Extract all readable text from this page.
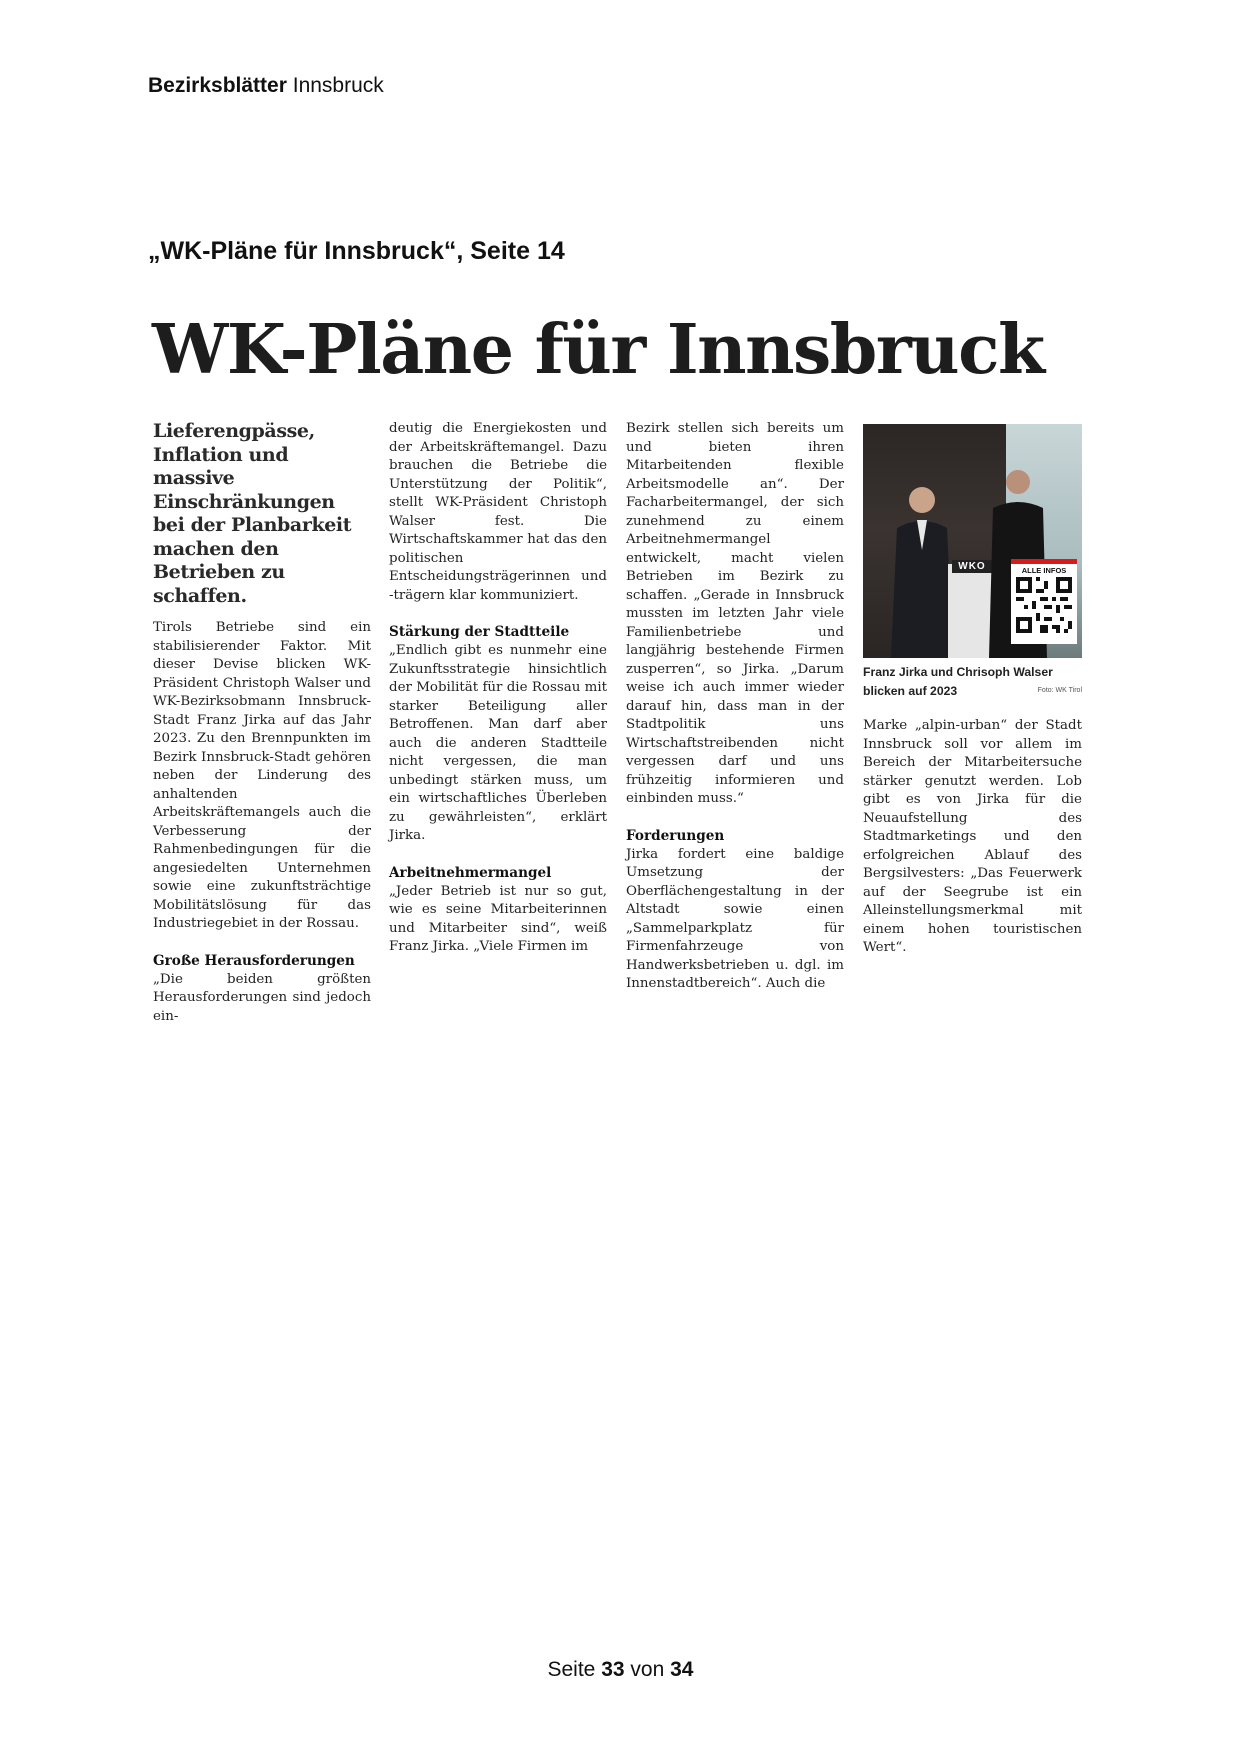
Bezirksblätter Innsbruck
„WK-Pläne für Innsbruck“, Seite 14
WK-Pläne für Innsbruck
Lieferengpässe, Inflation und massive Einschränkungen bei der Planbarkeit machen den Betrieben zu schaffen.

Tirols Betriebe sind ein stabilisierender Faktor. Mit dieser Devise blicken WK-Präsident Christoph Walser und WK-Bezirksobmann Innsbruck-Stadt Franz Jirka auf das Jahr 2023. Zu den Brennpunkten im Bezirk Innsbruck-Stadt gehören neben der Linderung des anhaltenden Arbeitskräftemangels auch die Verbesserung der Rahmenbedingungen für die angesiedelten Unternehmen sowie eine zukunftsträchtige Mobilitätslösung für das Industriegebiet in der Rossau.

Große Herausforderungen

„Die beiden größten Herausforderungen sind jedoch ein-

deutig die Energiekosten und der Arbeitskräftemangel. Dazu brauchen die Betriebe die Unterstützung der Politik“, stellt WK-Präsident Christoph Walser fest. Die Wirtschaftskammer hat das den politischen Entscheidungsträgerinnen und -trägern klar kommuniziert.

Stärkung der Stadtteile

„Endlich gibt es nunmehr eine Zukunftsstrategie hinsichtlich der Mobilität für die Rossau mit starker Beteiligung aller Betroffenen. Man darf aber auch die anderen Stadtteile nicht vergessen, die man unbedingt stärken muss, um ein wirtschaftliches Überleben zu gewährleisten“, erklärt Jirka.

Arbeitnehmermangel

„Jeder Betrieb ist nur so gut, wie es seine Mitarbeiterinnen und Mitarbeiter sind“, weiß Franz Jirka. „Viele Firmen im

Bezirk stellen sich bereits um und bieten ihren Mitarbeitenden flexible Arbeitsmodelle an“. Der Facharbeitermangel, der sich zunehmend zu einem Arbeitnehmermangel entwickelt, macht vielen Betrieben im Bezirk zu schaffen. „Gerade in Innsbruck mussten im letzten Jahr viele Familienbetriebe und langjährig bestehende Firmen zusperren“, so Jirka. „Darum weise ich auch immer wieder darauf hin, dass man in der Stadtpolitik uns Wirtschaftstreibenden nicht vergessen darf und uns frühzeitig informieren und einbinden muss.“

Forderungen

Jirka fordert eine baldige Umsetzung der Oberflächengestaltung in der Altstadt sowie einen „Sammelparkplatz für Firmenfahrzeuge von Handwerksbetrieben u. dgl. im Innenstadtbereich“. Auch die

WKO	ALLE INFOS
Franz Jirka und Chrisoph Walser blicken auf 2023	Foto: WK Tirol

Marke „alpin-urban“ der Stadt Innsbruck soll vor allem im Bereich der Mitarbeitersuche stärker genutzt werden. Lob gibt es von Jirka für die Neuaufstellung des Stadtmarketings und den erfolgreichen Ablauf des Bergsilvesters: „Das Feuerwerk auf der Seegrube ist ein Alleinstellungsmerkmal mit einem hohen touristischen Wert“.

Seite 33 von 34
